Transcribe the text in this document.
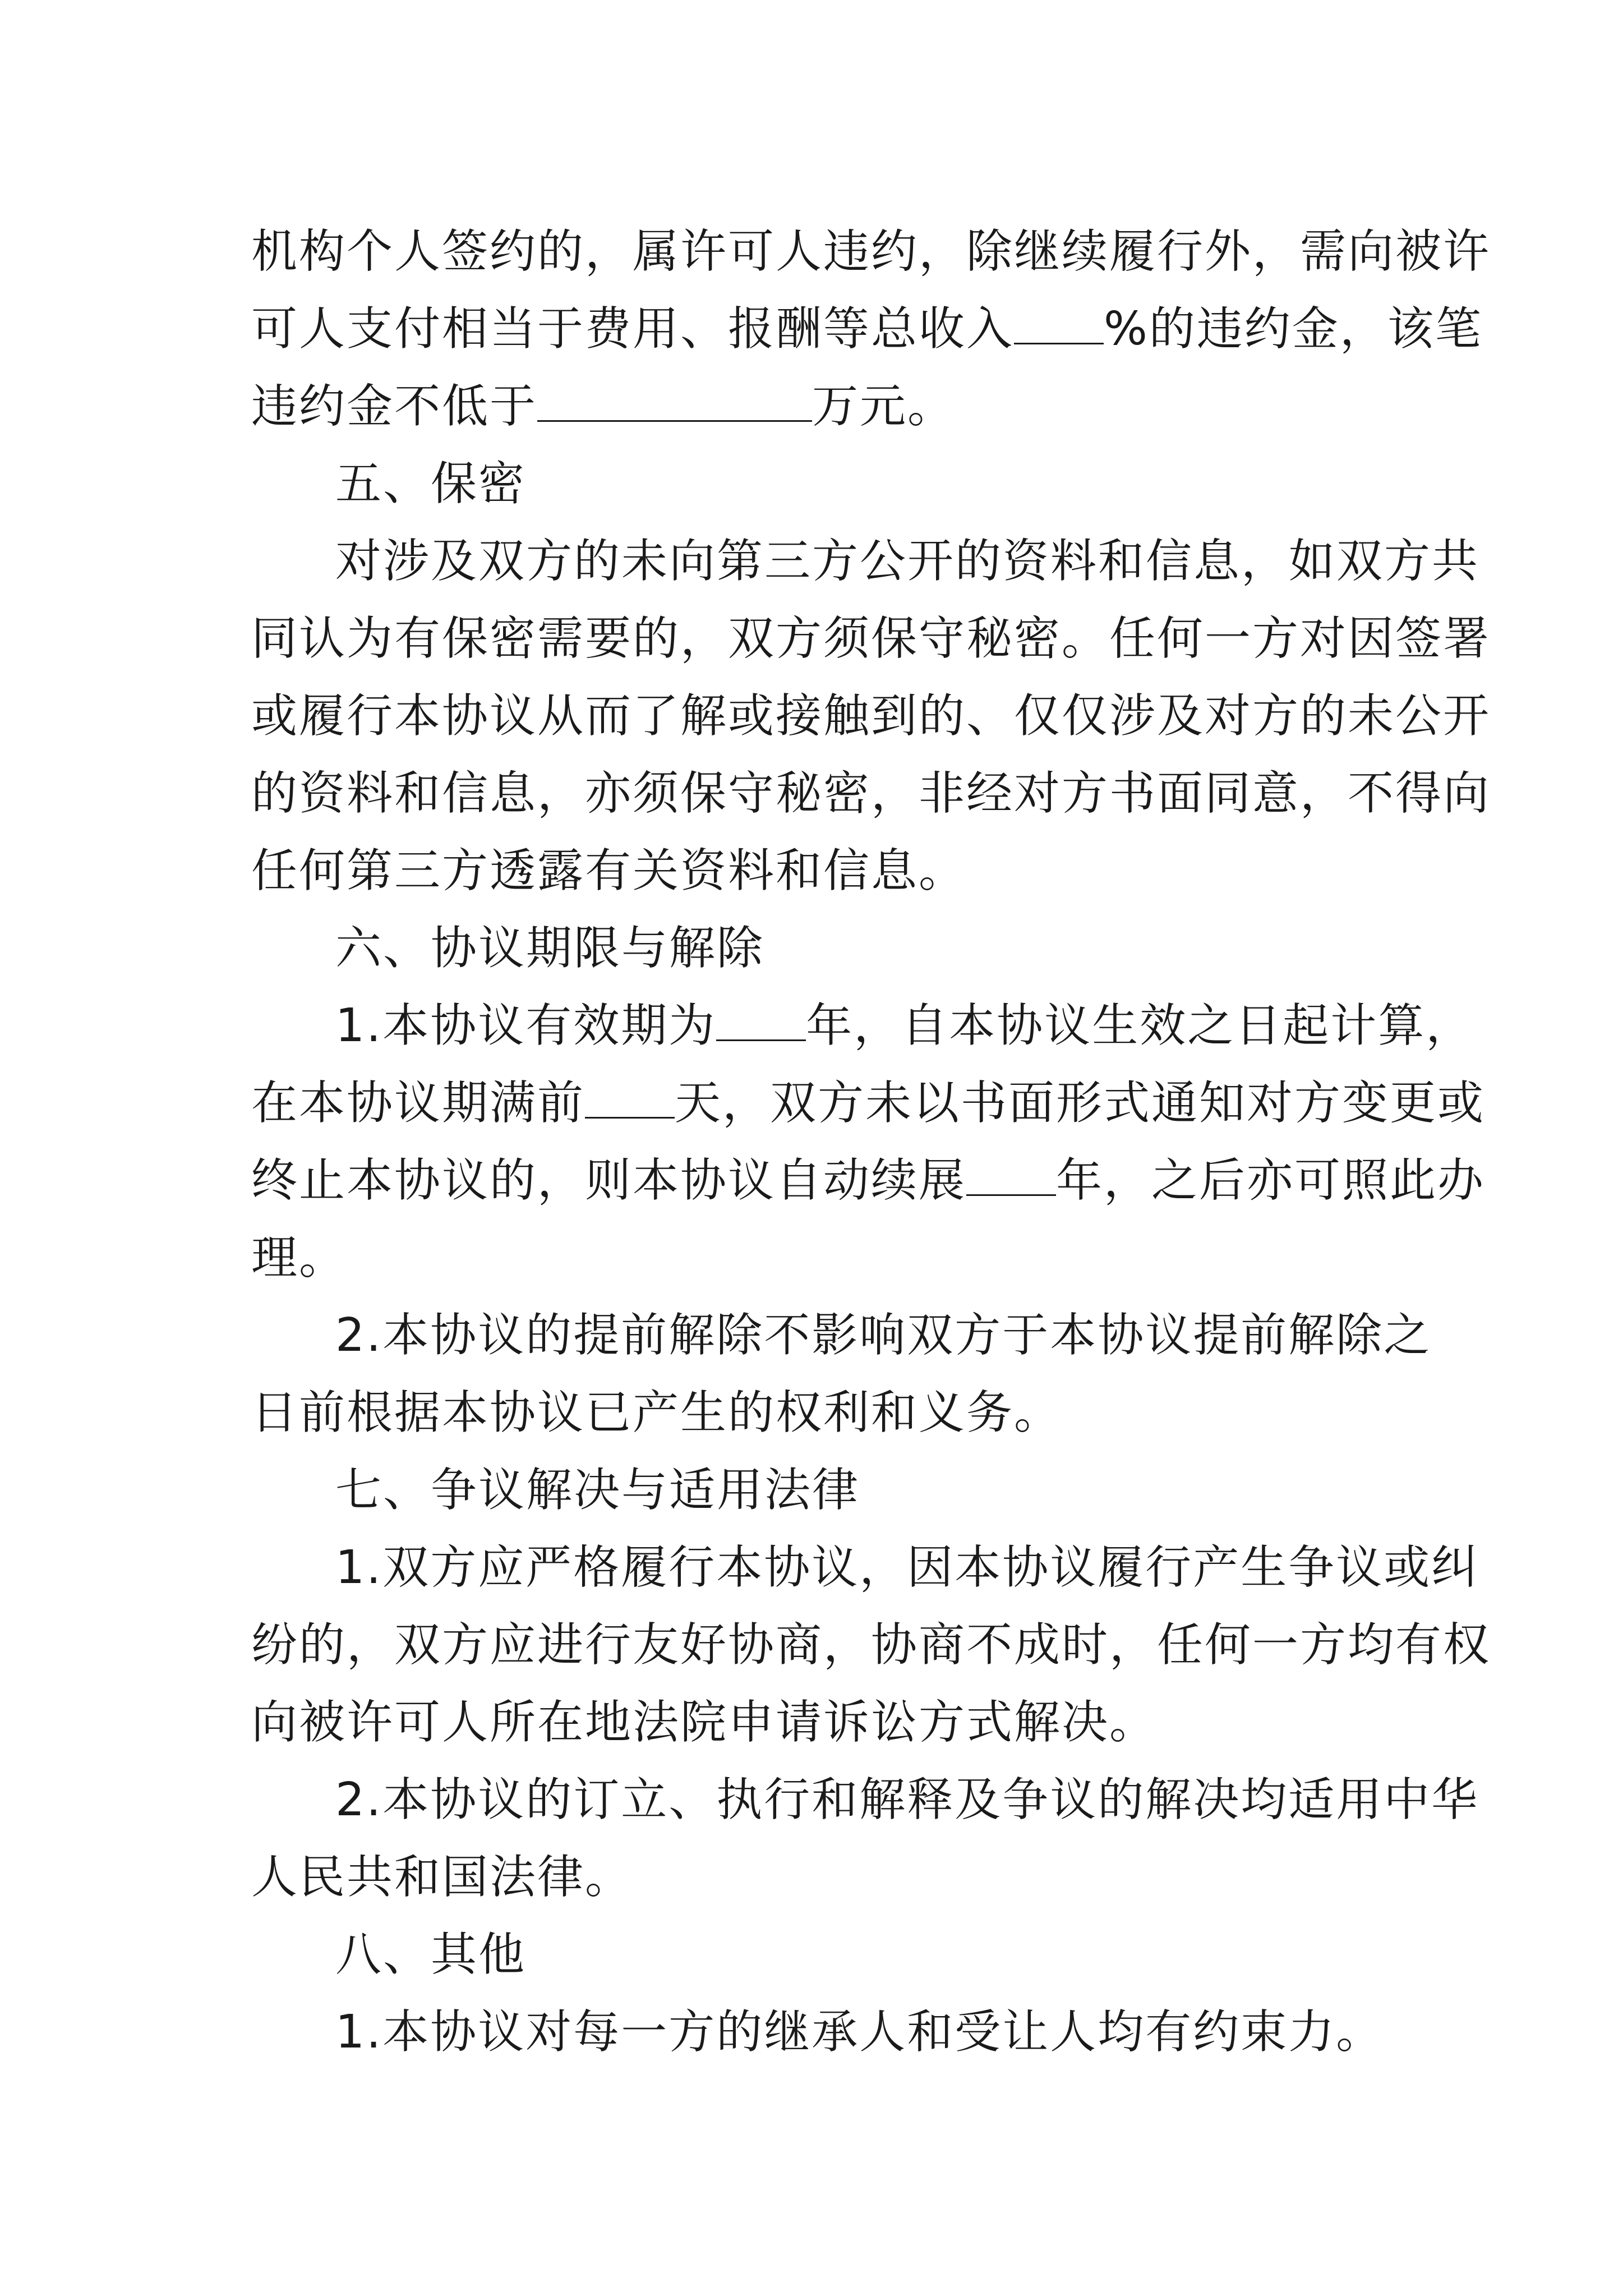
机构个人签约的，属许可人违约，除继续履行外，需向被许

可人支付相当于费用、报酬等总收入 %的违约金，该笔

违约金不低于	万元。

五、保密

对涉及双方的未向第三方公开的资料和信息，如双方共

同认为有保密需要的，双方须保守秘密。任何一方对因签署

或履行本协议从而了解或接触到的、仅仅涉及对方的未公开

的资料和信息，亦须保守秘密，非经对方书面同意，不得向

任何第三方透露有关资料和信息。

六、协议期限与解除

1.本协议有效期为 年，自本协议生效之日起计算，

在本协议期满前 天，双方未以书面形式通知对方变更或

终止本协议的，则本协议自动续展 年，之后亦可照此办

理。

2.本协议的提前解除不影响双方于本协议提前解除之

日前根据本协议已产生的权利和义务。

七、争议解决与适用法律

1.双方应严格履行本协议，因本协议履行产生争议或纠

纷的，双方应进行友好协商，协商不成时，任何一方均有权

向被许可人所在地法院申请诉讼方式解决。

2.本协议的订立、执行和解释及争议的解决均适用中华

人民共和国法律。

八、其他

1.本协议对每一方的继承人和受让人均有约束力。
